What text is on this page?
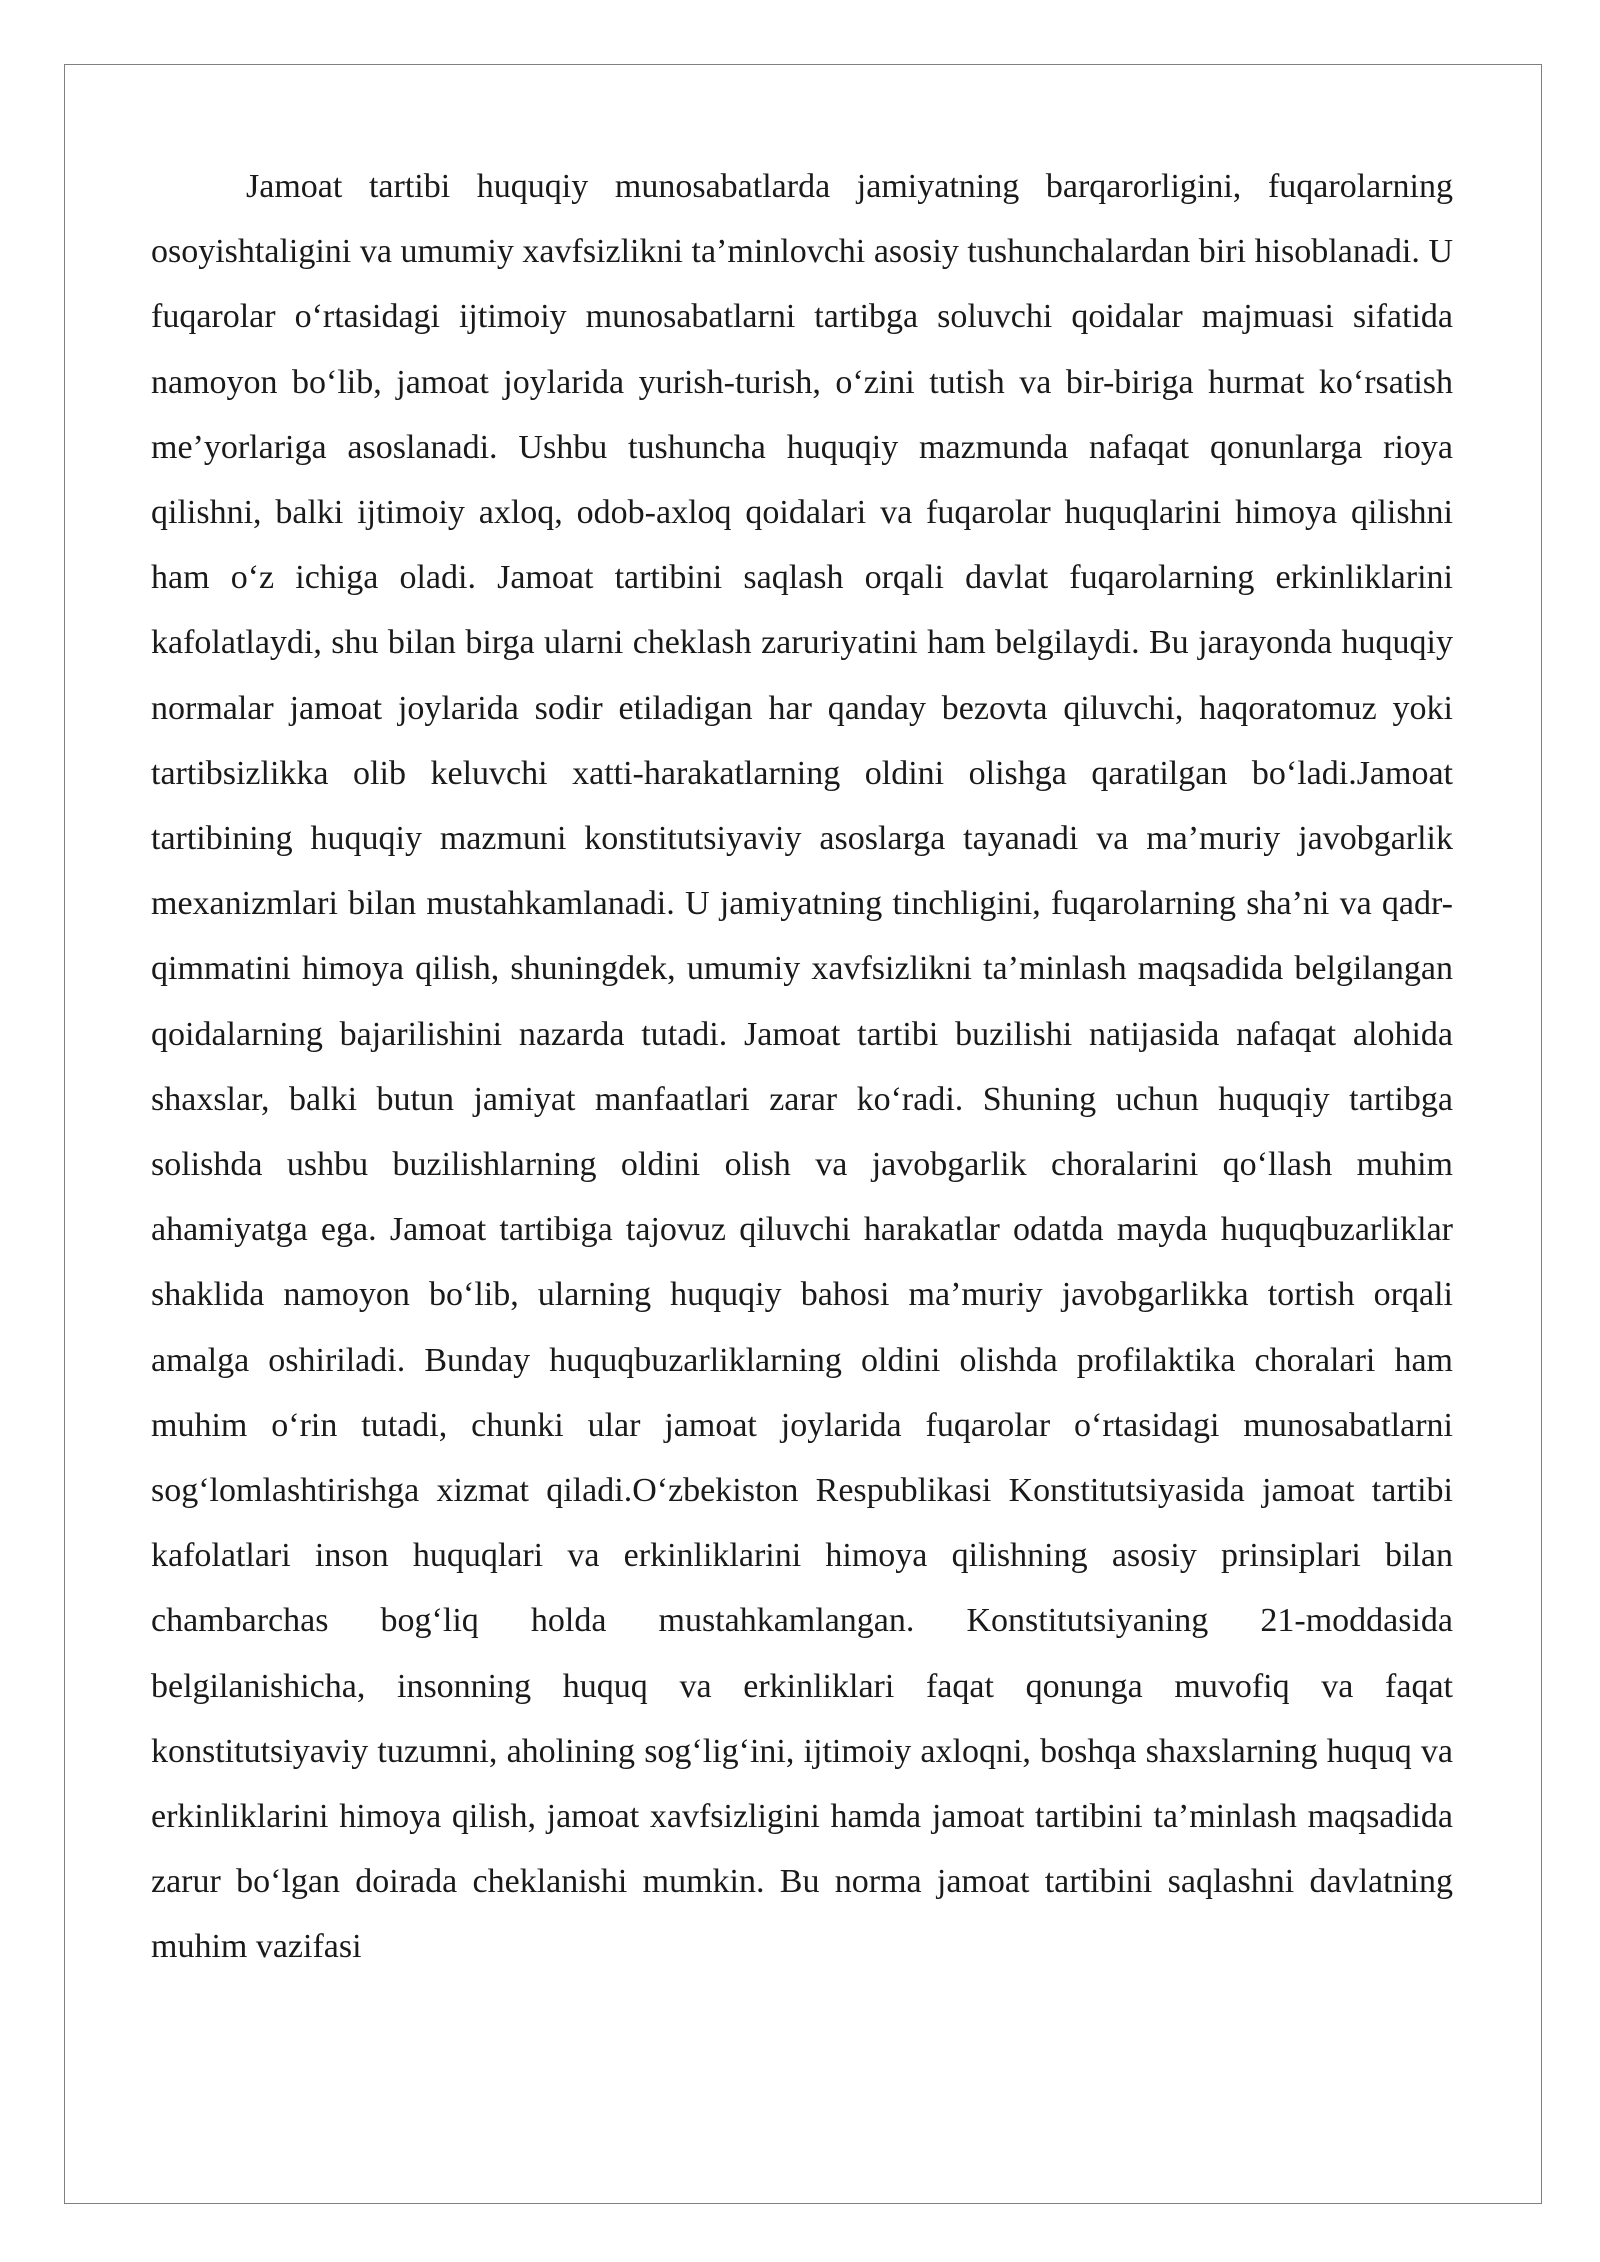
Jamoat tartibi huquqiy munosabatlarda jamiyatning barqarorligini, fuqarolarning osoyishtaligini va umumiy xavfsizlikni ta’minlovchi asosiy tushunchalardan biri hisoblanadi. U fuqarolar o‘rtasidagi ijtimoiy munosabatlarni tartibga soluvchi qoidalar majmuasi sifatida namoyon bo‘lib, jamoat joylarida yurish-turish, o‘zini tutish va bir-biriga hurmat ko‘rsatish me’yorlariga asoslanadi. Ushbu tushuncha huquqiy mazmunda nafaqat qonunlarga rioya qilishni, balki ijtimoiy axloq, odob-axloq qoidalari va fuqarolar huquqlarini himoya qilishni ham o‘z ichiga oladi. Jamoat tartibini saqlash orqali davlat fuqarolarning erkinliklarini kafolatlaydi, shu bilan birga ularni cheklash zaruriyatini ham belgilaydi. Bu jarayonda huquqiy normalar jamoat joylarida sodir etiladigan har qanday bezovta qiluvchi, haqoratomuz yoki tartibsizlikka olib keluvchi xatti-harakatlarning oldini olishga qaratilgan bo‘ladi.Jamoat tartibining huquqiy mazmuni konstitutsiyaviy asoslarga tayanadi va ma’muriy javobgarlik mexanizmlari bilan mustahkamlanadi. U jamiyatning tinchligini, fuqarolarning sha’ni va qadr-qimmatini himoya qilish, shuningdek, umumiy xavfsizlikni ta’minlash maqsadida belgilangan qoidalarning bajarilishini nazarda tutadi. Jamoat tartibi buzilishi natijasida nafaqat alohida shaxslar, balki butun jamiyat manfaatlari zarar ko‘radi. Shuning uchun huquqiy tartibga solishda ushbu buzilishlarning oldini olish va javobgarlik choralarini qo‘llash muhim ahamiyatga ega. Jamoat tartibiga tajovuz qiluvchi harakatlar odatda mayda huquqbuzarliklar shaklida namoyon bo‘lib, ularning huquqiy bahosi ma’muriy javobgarlikka tortish orqali amalga oshiriladi. Bunday huquqbuzarliklarning oldini olishda profilaktika choralari ham muhim o‘rin tutadi, chunki ular jamoat joylarida fuqarolar o‘rtasidagi munosabatlarni sog‘lomlashtirishga xizmat qiladi.O‘zbekiston Respublikasi Konstitutsiyasida jamoat tartibi kafolatlari inson huquqlari va erkinliklarini himoya qilishning asosiy prinsiplari bilan chambarchas bog‘liq holda mustahkamlangan. Konstitutsiyaning 21-moddasida belgilanishicha, insonning huquq va erkinliklari faqat qonunga muvofiq va faqat konstitutsiyaviy tuzumni, aholining sog‘lig‘ini, ijtimoiy axloqni, boshqa shaxslarning huquq va erkinliklarini himoya qilish, jamoat xavfsizligini hamda jamoat tartibini ta’minlash maqsadida zarur bo‘lgan doirada cheklanishi mumkin. Bu norma jamoat tartibini saqlashni davlatning muhim vazifasi
